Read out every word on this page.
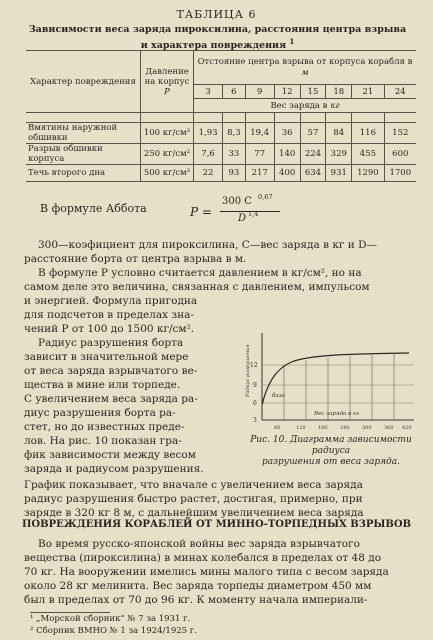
ТАБЛИЦА 6
Зависимости веса заряда пироксилина, расстояния центра взрыва
и характера повреждения $^1$
Характер повреждения	Давление на корпус
P	Отстояние центра взрыва от корпуса корабля в м							
		3	6	9	12	15	18	21	24
		Вес заряда в кг							

Вмятины наружной обшивки	100 кг/см²	1,93	8,3	19,4	36	57	84	116	152
Разрыв обшивки корпуса	250 кг/см²	7,6	33	77	140	224	329	455	600
Течь второго дна	500 кг/см²	22	93	217	400	634	931	1290	1700
В формуле Аббота	P =
300 C 0,67
D 1,4
300—коэфициент для пироксилина, C—вес заряда в кг и D—
расстояние борта от центра взрыва в м.
В формуле P условно считается давлением в кг/см², но на
самом деле это величина, связанная с давлением, импульсом
и энергией. Формула пригодна
для подсчетов в пределах зна-
чений P от 100 до 1500 кг/см².
Радиус разрушения борта
зависит в значительной мере
от веса заряда взрывчатого ве-
щества в мине или торпеде.
С увеличением веса заряда ра-
диус разрушения борта ра-
стет, но до известных преде-
лов. На рис. 10 показан гра-
фик зависимости между весом
заряда и радиусом разрушения.
График показывает, что вначале с увеличением веса заряда
радиус разрушения быстро растет, достигая, примерно, при
заряде в 320 кг 8 м, с дальнейшим увеличением веса заряда
12
9
6
3
Радиус разрушения
60	120 180 240 300 360 420
Вес заряда в кг
база
Рис. 10. Диаграмма зависимости радиуса
разрушения от веса заряда.
ПОВРЕЖДЕНИЯ КОРАБЛЕЙ ОТ МИННО-ТОРПЕДНЫХ ВЗРЫВОВ
Во время русско-японской войны вес заряда взрывчатого
вещества (пироксилина) в минах колебался в пределах от 48 до
70 кг. На вооружении имелись мины малого типа с весом заряда
около 28 кг мелинита. Вес заряда торпеды диаметром 450 мм
был в пределах от 70 до 96 кг. К моменту начала империали-
¹ „Морской сборник“ № 7 за 1931 г.
² Сборник ВМНО № 1 за 1924/1925 г.
